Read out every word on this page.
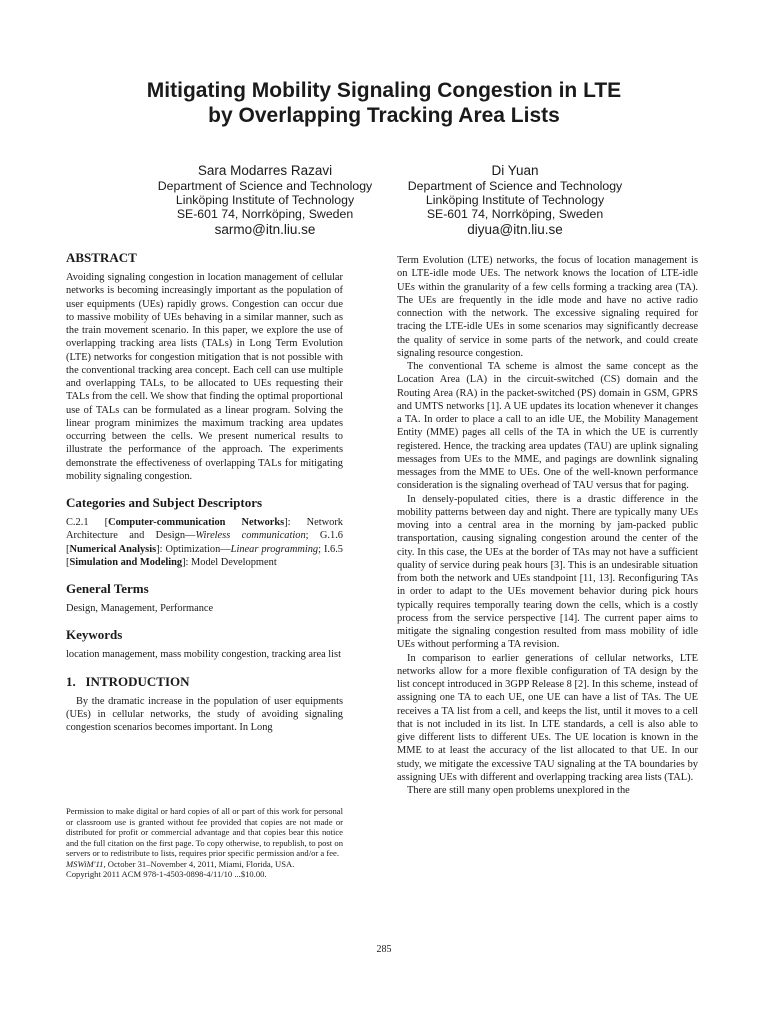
Mitigating Mobility Signaling Congestion in LTE
by Overlapping Tracking Area Lists
Sara Modarres Razavi
Department of Science and Technology
Linköping Institute of Technology
SE-601 74, Norrköping, Sweden
sarmo@itn.liu.se
Di Yuan
Department of Science and Technology
Linköping Institute of Technology
SE-601 74, Norrköping, Sweden
diyua@itn.liu.se
ABSTRACT

Avoiding signaling congestion in location management of cellular networks is becoming increasingly important as the population of user equipments (UEs) rapidly grows. Congestion can occur due to massive mobility of UEs behaving in a similar manner, such as the train movement scenario. In this paper, we explore the use of overlapping tracking area lists (TALs) in Long Term Evolution (LTE) networks for congestion mitigation that is not possible with the conventional tracking area concept. Each cell can use multiple and overlapping TALs, to be allocated to UEs requesting their TALs from the cell. We show that finding the optimal proportional use of TALs can be formulated as a linear program. Solving the linear program minimizes the maximum tracking area updates occurring between the cells. We present numerical results to illustrate the performance of the approach. The experiments demonstrate the effectiveness of overlapping TALs for mitigating mobility signaling congestion.

Categories and Subject Descriptors

C.2.1 [Computer-communication Networks]: Network Architecture and Design—Wireless communication; G.1.6 [Numerical Analysis]: Optimization—Linear programming; I.6.5 [Simulation and Modeling]: Model Development

General Terms

Design, Management, Performance

Keywords

location management, mass mobility congestion, tracking area list

1.   INTRODUCTION

By the dramatic increase in the population of user equipments (UEs) in cellular networks, the study of avoiding signaling congestion scenarios becomes important. In Long

Permission to make digital or hard copies of all or part of this work for personal or classroom use is granted without fee provided that copies are not made or distributed for profit or commercial advantage and that copies bear this notice and the full citation on the first page. To copy otherwise, to republish, to post on servers or to redistribute to lists, requires prior specific permission and/or a fee.

MSWiM'11, October 31–November 4, 2011, Miami, Florida, USA.

Copyright 2011 ACM 978-1-4503-0898-4/11/10 ...$10.00.

Term Evolution (LTE) networks, the focus of location management is on LTE-idle mode UEs. The network knows the location of LTE-idle UEs within the granularity of a few cells forming a tracking area (TA). The UEs are frequently in the idle mode and have no active radio connection with the network. The excessive signaling required for tracing the LTE-idle UEs in some scenarios may significantly decrease the quality of service in some parts of the network, and could create signaling resource congestion.

The conventional TA scheme is almost the same concept as the Location Area (LA) in the circuit-switched (CS) domain and the Routing Area (RA) in the packet-switched (PS) domain in GSM, GPRS and UMTS networks [1]. A UE updates its location whenever it changes a TA. In order to place a call to an idle UE, the Mobility Management Entity (MME) pages all cells of the TA in which the UE is currently registered. Hence, the tracking area updates (TAU) are uplink signaling messages from UEs to the MME, and pagings are downlink signaling messages from the MME to UEs. One of the well-known performance consideration is the signaling overhead of TAU versus that for paging.

In densely-populated cities, there is a drastic difference in the mobility patterns between day and night. There are typically many UEs moving into a central area in the morning by jam-packed public transportation, causing signaling congestion around the center of the city. In this case, the UEs at the border of TAs may not have a sufficient quality of service during peak hours [3]. This is an undesirable situation from both the network and UEs standpoint [11, 13]. Reconfiguring TAs in order to adapt to the UEs movement behavior during pick hours typically requires temporally tearing down the cells, which is a costly process from the service perspective [14]. The current paper aims to mitigate the signaling congestion resulted from mass mobility of idle UEs without performing a TA revision.

In comparison to earlier generations of cellular networks, LTE networks allow for a more flexible configuration of TA design by the list concept introduced in 3GPP Release 8 [2]. In this scheme, instead of assigning one TA to each UE, one UE can have a list of TAs. The UE receives a TA list from a cell, and keeps the list, until it moves to a cell that is not included in its list. In LTE standards, a cell is also able to give different lists to different UEs. The UE location is known in the MME to at least the accuracy of the list allocated to that UE. In our study, we mitigate the excessive TAU signaling at the TA boundaries by assigning UEs with different and overlapping tracking area lists (TAL).

There are still many open problems unexplored in the

285
